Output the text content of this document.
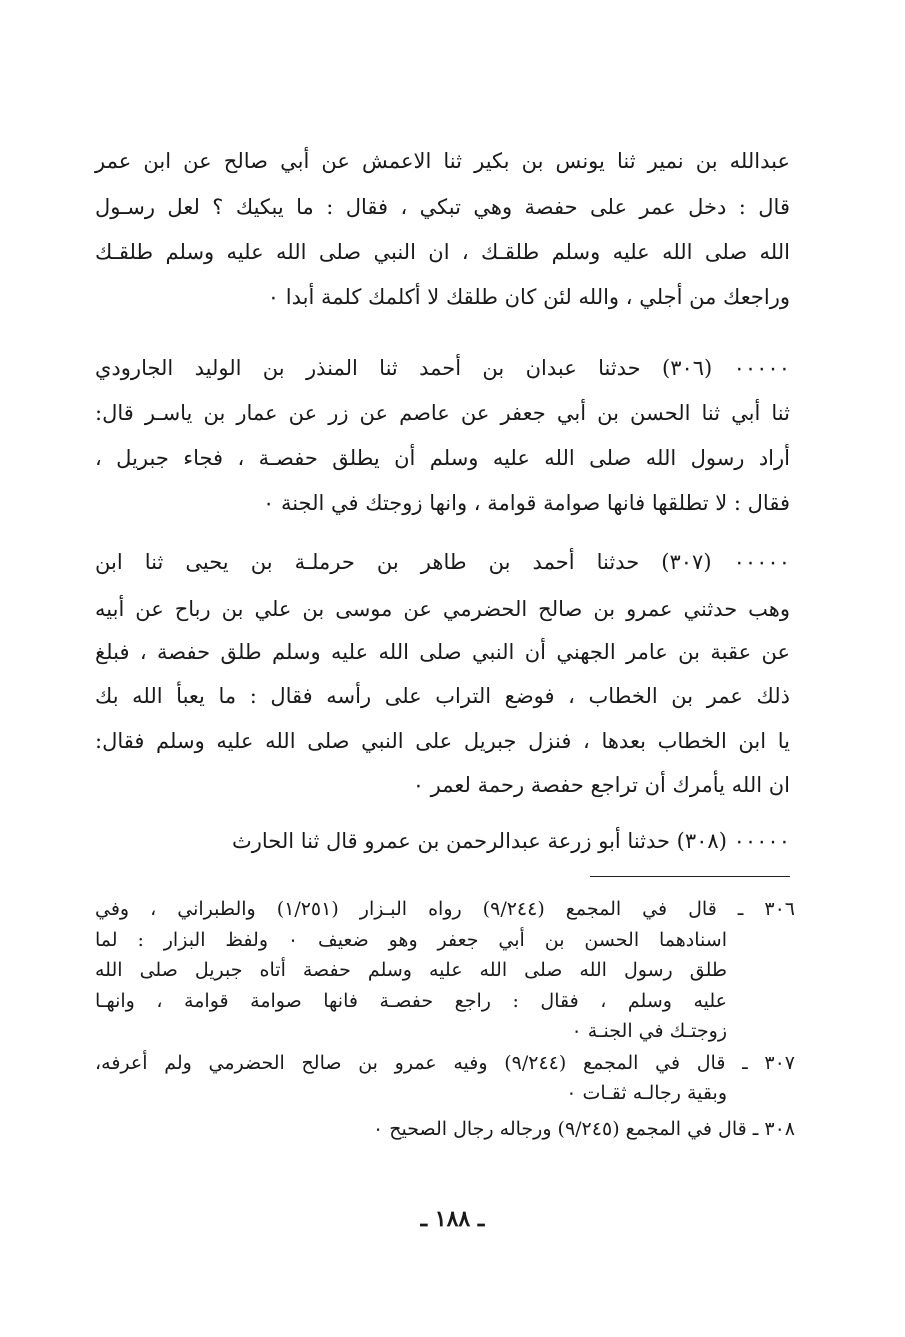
عبدالله بن نمير ثنا يونس بن بكير ثنا الاعمش عن أبي صالح عن ابن عمر
قال : دخل عمر على حفصة وهي تبكي ، فقال : ما يبكيك ؟ لعل رسـول
الله صلى الله عليه وسلم طلقـك ، ان النبي صلى الله عليه وسلم طلقـك
وراجعك من أجلي ، والله لئن كان طلقك لا أكلمك كلمة أبدا ٠
٠٠٠٠٠ (٣٠٦) حدثنا عبدان بن أحمد ثنا المنذر بن الوليد الجارودي
ثنا أبي ثنا الحسن بن أبي جعفر عن عاصم عن زر عن عمار بن ياسـر قال:
أراد رسول الله صلى الله عليه وسلم أن يطلق حفصـة ، فجاء جبريل ،
فقال : لا تطلقها فانها صوامة قوامة ، وانها زوجتك في الجنة ٠
٠٠٠٠٠ (٣٠٧) حدثنا أحمد بن طاهر بن حرملـة بن يحيى ثنا ابن
وهب حدثني عمرو بن صالح الحضرمي عن موسى بن علي بن رباح عن أبيه
عن عقبة بن عامر الجهني أن النبي صلى الله عليه وسلم طلق حفصة ، فبلغ
ذلك عمر بن الخطاب ، فوضع التراب على رأسه فقال : ما يعبأ الله بك
يا ابن الخطاب بعدها ، فنزل جبريل على النبي صلى الله عليه وسلم فقال:
ان الله يأمرك أن تراجع حفصة رحمة لعمر ٠
٠٠٠٠٠ (٣٠٨) حدثنا أبو زرعة عبدالرحمن بن عمرو قال ثنا الحارث
٣٠٦ ـ قال في المجمع (٩/٢٤٤) رواه البـزار (١/٢٥١) والطبراني ، وفي
اسنادهما الحسن بن أبي جعفر وهو ضعيف ٠ ولفظ البزار : لما
طلق رسول الله صلى الله عليه وسلم حفصة أتاه جبريل صلى الله
عليه وسلم ، فقال : راجع حفصـة فانها صوامة قوامة ، وانهـا
زوجتـك في الجنـة ٠
٣٠٧ ـ قال في المجمع (٩/٢٤٤) وفيه عمرو بن صالح الحضرمي ولم أعرفه،
وبقية رجالـه ثقـات ٠
٣٠٨ ـ قال في المجمع (٩/٢٤٥) ورجاله رجال الصحيح ٠
ـ ١٨٨ ـ
